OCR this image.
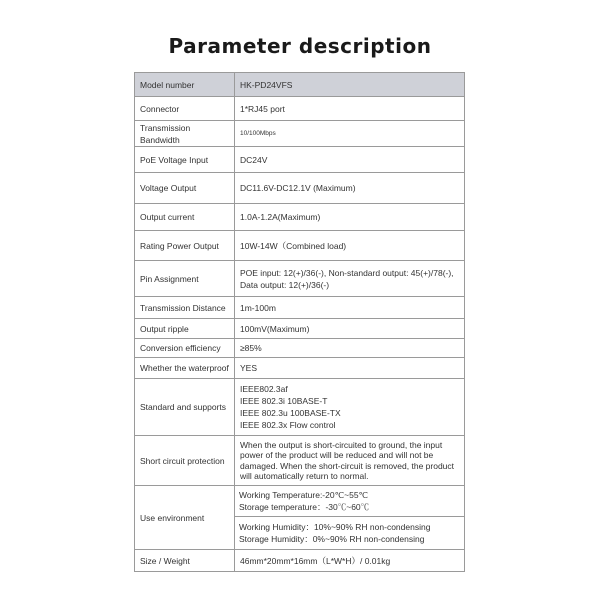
Parameter description
Model number	HK-PD24VFS
Connector	1*RJ45 port
Transmission Bandwidth	10/100Mbps
PoE Voltage Input	DC24V
Voltage Output	DC11.6V-DC12.1V (Maximum)
Output current	1.0A-1.2A(Maximum)
Rating Power Output	10W-14W（Combined load)
Pin Assignment	POE input: 12(+)/36(-), Non-standard output: 45(+)/78(-),
Data output: 12(+)/36(-)

Transmission Distance	1m-100m
Output ripple	100mV(Maximum)
Conversion efficiency	≥85%
Whether the waterproof	YES
Standard and supports	IEEE802.3af
IEEE 802.3i 10BASE-T
IEEE 802.3u 100BASE-TX
IEEE 802.3x Flow control

Short circuit protection	When the output is short-circuited to ground, the input
power of the product will be reduced and will not be
damaged. When the short-circuit is removed, the product
will automatically return to normal.

Use environment	Working Temperature:-20℃~55℃
Storage temperature：-30℃~60℃

	Working Humidity：10%~90% RH non-condensing
Storage Humidity：0%~90% RH non-condensing

Size / Weight	46mm*20mm*16mm（L*W*H）/ 0.01kg
